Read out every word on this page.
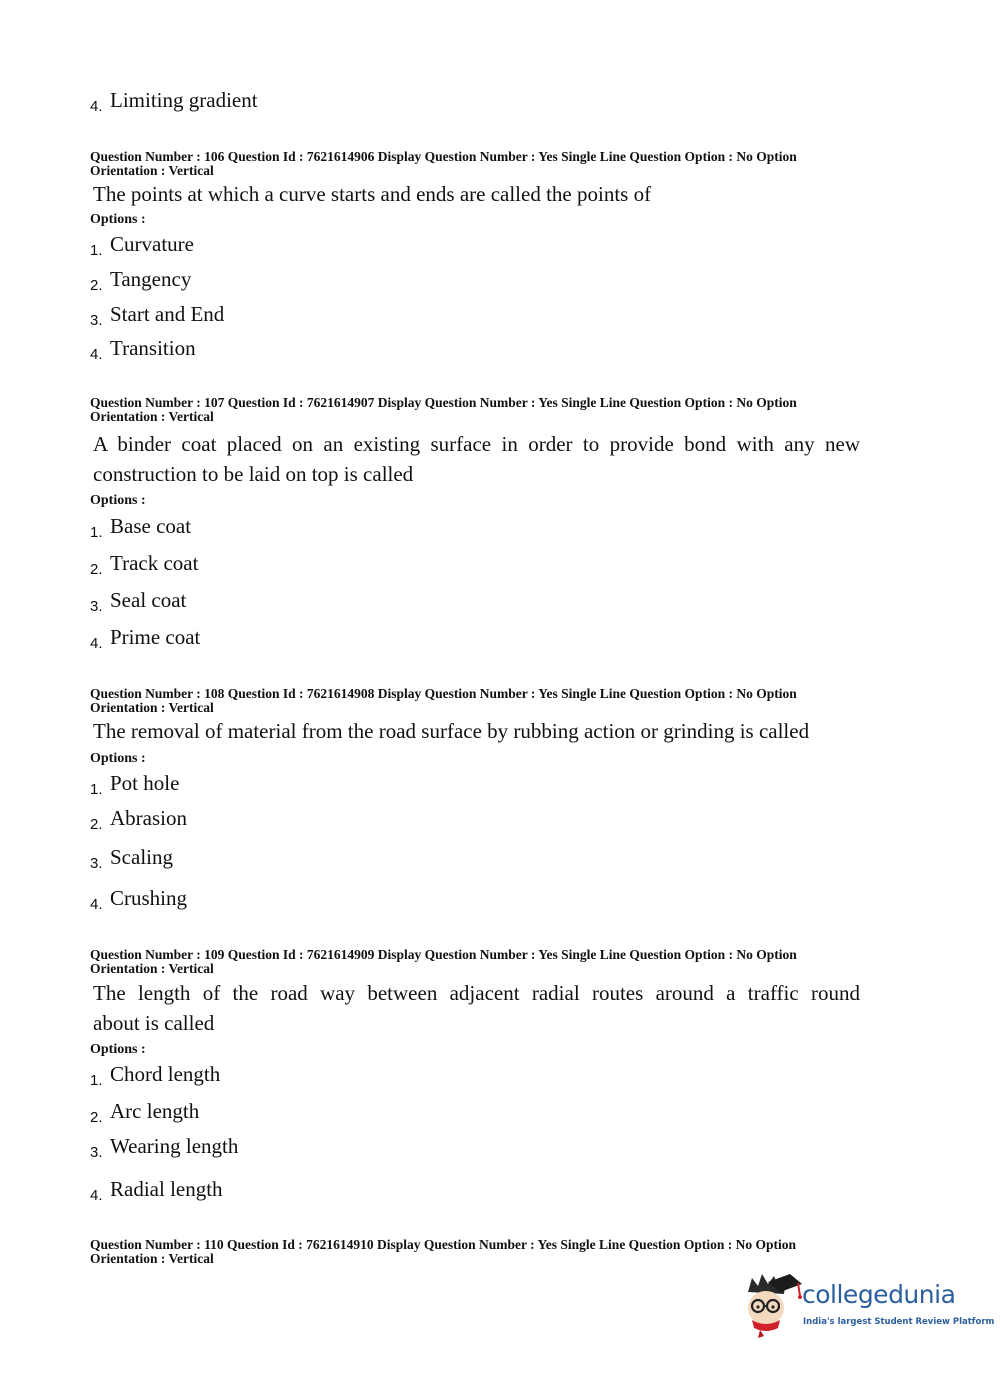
4. Limiting gradient
Question Number : 106 Question Id : 7621614906 Display Question Number : Yes Single Line Question Option : No Option
Orientation : Vertical
The points at which a curve starts and ends are called the points of
Options :
1. Curvature
2. Tangency
3. Start and End
4. Transition
Question Number : 107 Question Id : 7621614907 Display Question Number : Yes Single Line Question Option : No Option
Orientation : Vertical
A binder coat placed on an existing surface in order to provide bond with any new
construction to be laid on top is called
Options :
1. Base coat
2. Track coat
3. Seal coat
4. Prime coat
Question Number : 108 Question Id : 7621614908 Display Question Number : Yes Single Line Question Option : No Option
Orientation : Vertical
The removal of material from the road surface by rubbing action or grinding is called
Options :
1. Pot hole
2. Abrasion
3. Scaling
4. Crushing
Question Number : 109 Question Id : 7621614909 Display Question Number : Yes Single Line Question Option : No Option
Orientation : Vertical
The length of the road way between adjacent radial routes around a traffic round
about is called
Options :
1. Chord length
2. Arc length
3. Wearing length
4. Radial length
Question Number : 110 Question Id : 7621614910 Display Question Number : Yes Single Line Question Option : No Option
Orientation : Vertical
collegedunia
India's largest Student Review Platform
